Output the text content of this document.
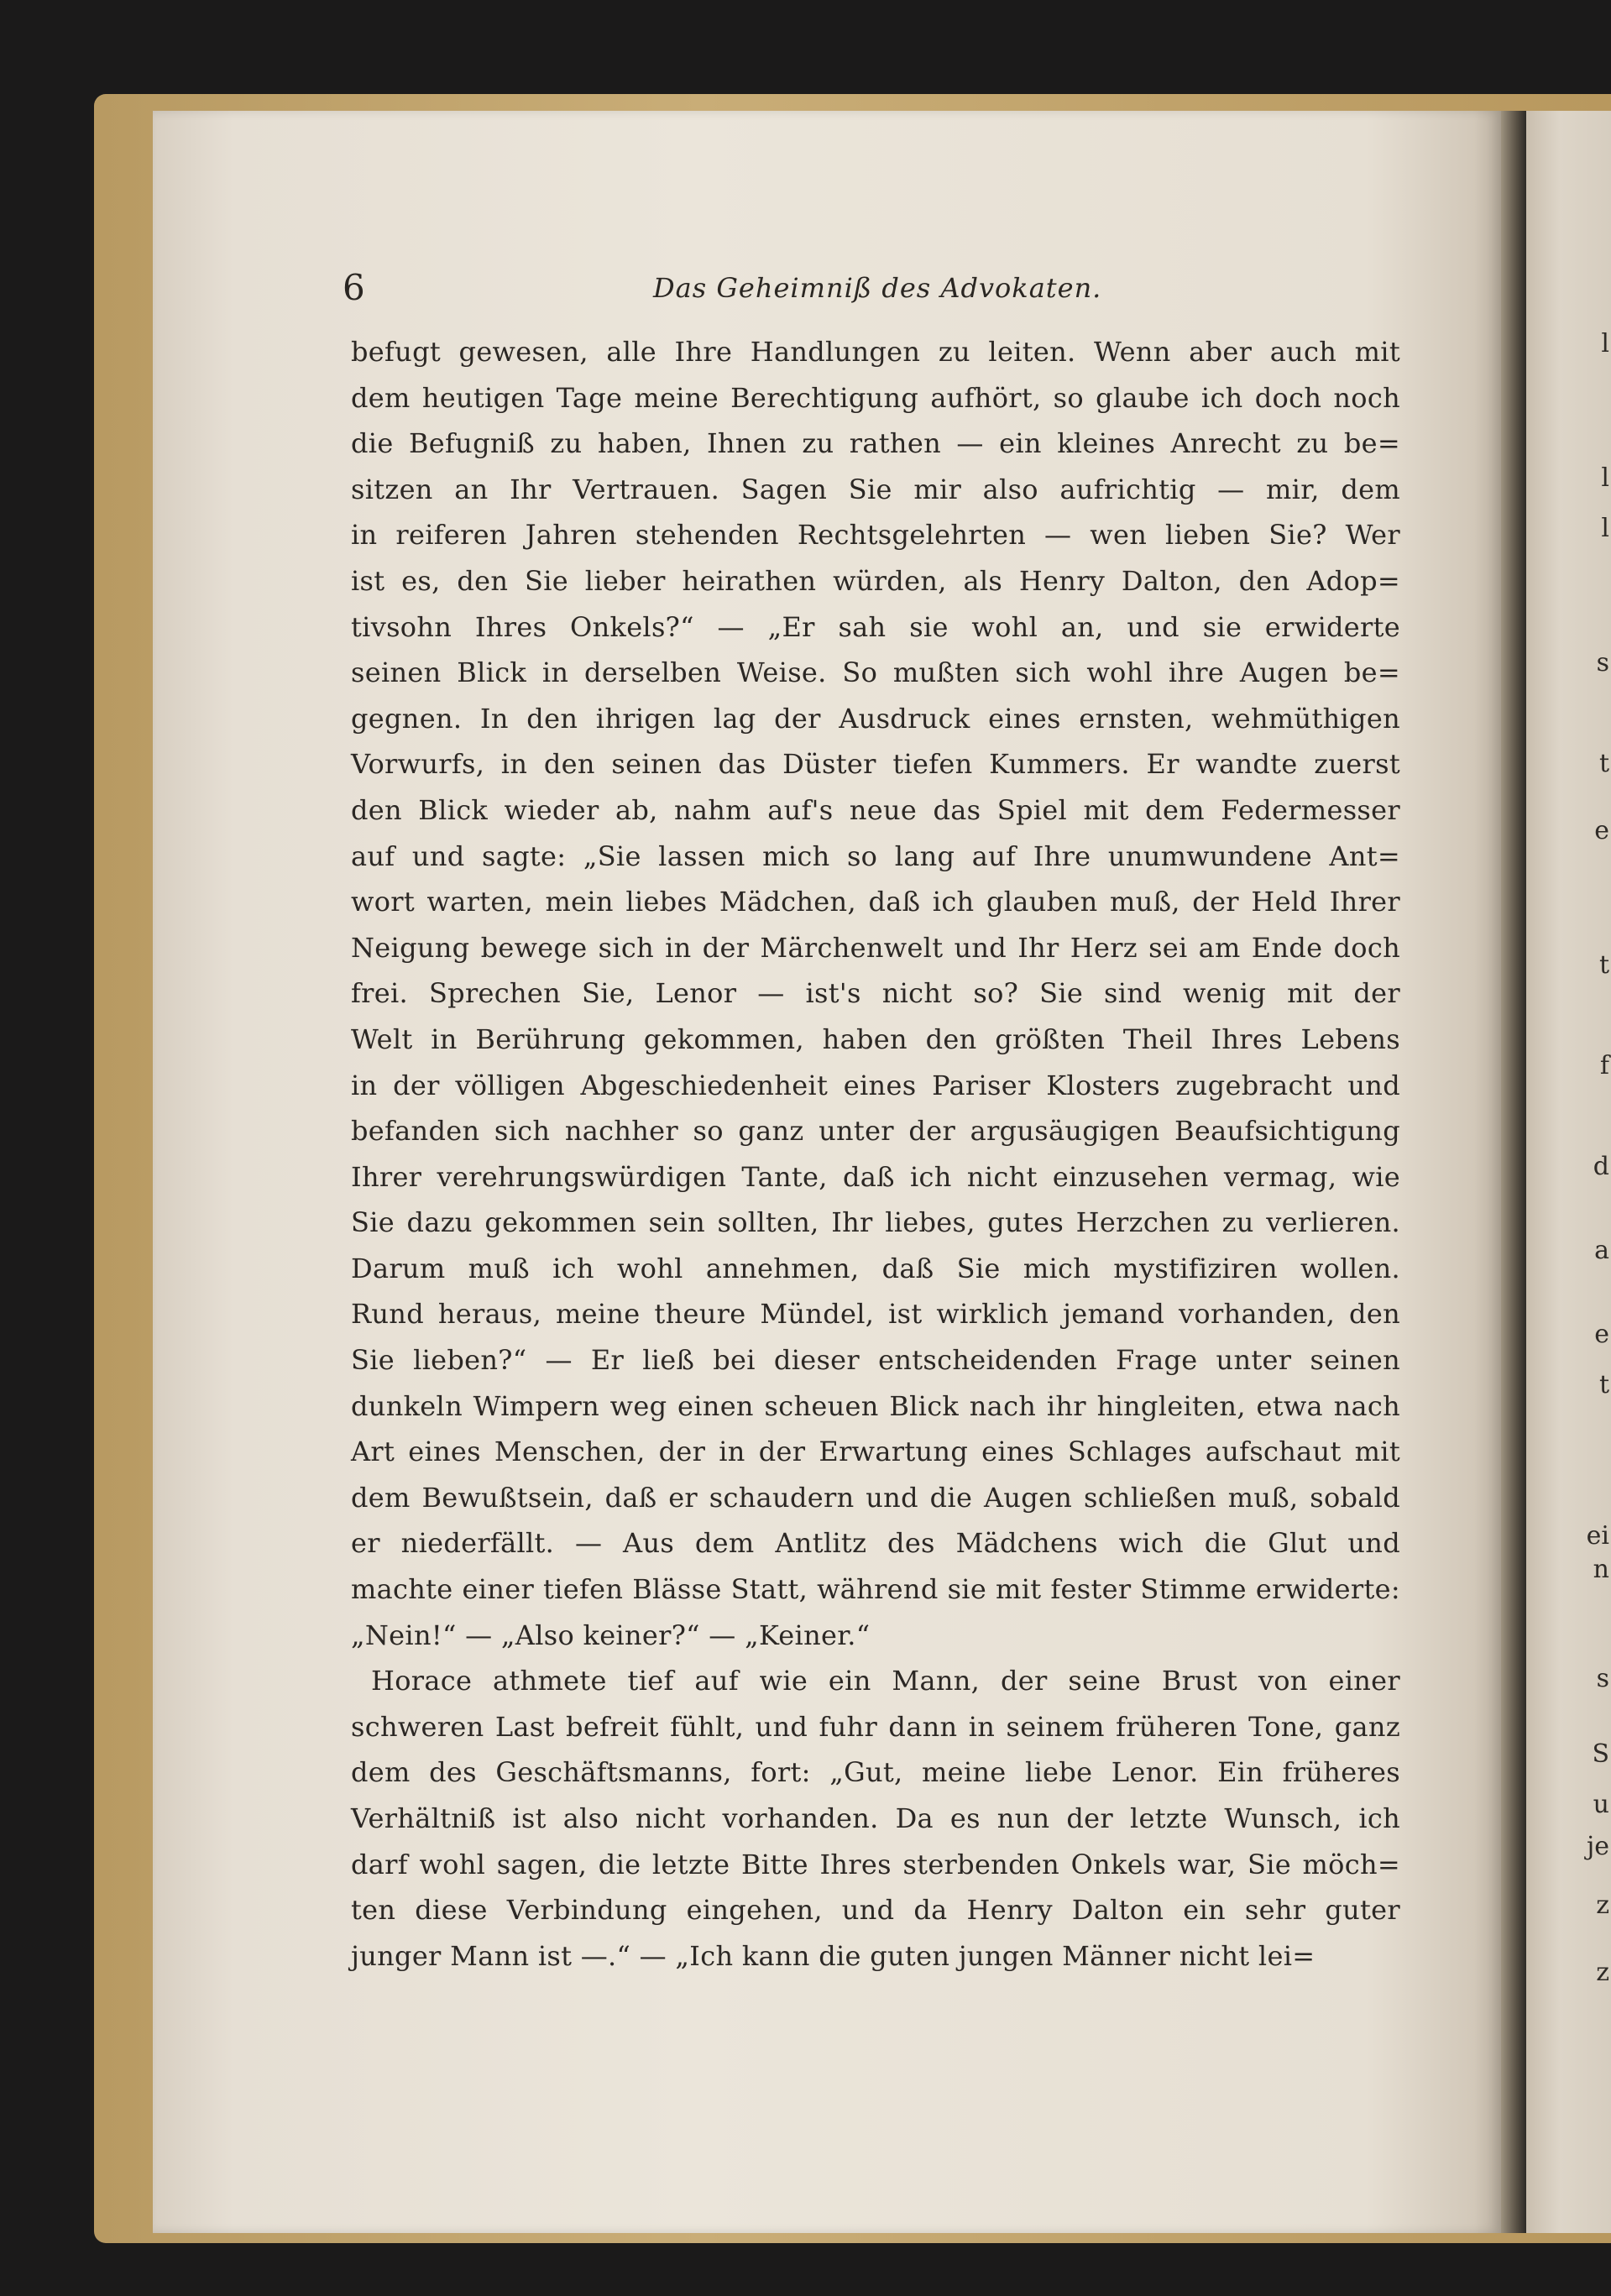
l
l
l
s
t
e
t
f
d
a
e
t
ei
n
s
S
u
je
z
z
6	Das Geheimniß des Advokaten.
befugt gewesen, alle Ihre Handlungen zu leiten. Wenn aber auch mit
dem heutigen Tage meine Berechtigung aufhört, so glaube ich doch noch
die Befugniß zu haben, Ihnen zu rathen — ein kleines Anrecht zu be=
sitzen an Ihr Vertrauen. Sagen Sie mir also aufrichtig — mir, dem
in reiferen Jahren stehenden Rechtsgelehrten — wen lieben Sie? Wer
ist es, den Sie lieber heirathen würden, als Henry Dalton, den Adop=
tivsohn Ihres Onkels?“ — „Er sah sie wohl an, und sie erwiderte
seinen Blick in derselben Weise. So mußten sich wohl ihre Augen be=
gegnen. In den ihrigen lag der Ausdruck eines ernsten, wehmüthigen
Vorwurfs, in den seinen das Düster tiefen Kummers. Er wandte zuerst
den Blick wieder ab, nahm auf's neue das Spiel mit dem Federmesser
auf und sagte: „Sie lassen mich so lang auf Ihre unumwundene Ant=
wort warten, mein liebes Mädchen, daß ich glauben muß, der Held Ihrer
Neigung bewege sich in der Märchenwelt und Ihr Herz sei am Ende doch
frei. Sprechen Sie, Lenor — ist's nicht so? Sie sind wenig mit der
Welt in Berührung gekommen, haben den größten Theil Ihres Lebens
in der völligen Abgeschiedenheit eines Pariser Klosters zugebracht und
befanden sich nachher so ganz unter der argusäugigen Beaufsichtigung
Ihrer verehrungswürdigen Tante, daß ich nicht einzusehen vermag, wie
Sie dazu gekommen sein sollten, Ihr liebes, gutes Herzchen zu verlieren.
Darum muß ich wohl annehmen, daß Sie mich mystifiziren wollen.
Rund heraus, meine theure Mündel, ist wirklich jemand vorhanden, den
Sie lieben?“ — Er ließ bei dieser entscheidenden Frage unter seinen
dunkeln Wimpern weg einen scheuen Blick nach ihr hingleiten, etwa nach
Art eines Menschen, der in der Erwartung eines Schlages aufschaut mit
dem Bewußtsein, daß er schaudern und die Augen schließen muß, sobald
er niederfällt. — Aus dem Antlitz des Mädchens wich die Glut und
machte einer tiefen Blässe Statt, während sie mit fester Stimme erwiderte:
„Nein!“ — „Also keiner?“ — „Keiner.“
Horace athmete tief auf wie ein Mann, der seine Brust von einer
schweren Last befreit fühlt, und fuhr dann in seinem früheren Tone, ganz
dem des Geschäftsmanns, fort: „Gut, meine liebe Lenor. Ein früheres
Verhältniß ist also nicht vorhanden. Da es nun der letzte Wunsch, ich
darf wohl sagen, die letzte Bitte Ihres sterbenden Onkels war, Sie möch=
ten diese Verbindung eingehen, und da Henry Dalton ein sehr guter
junger Mann ist —.“ — „Ich kann die guten jungen Männer nicht lei=
